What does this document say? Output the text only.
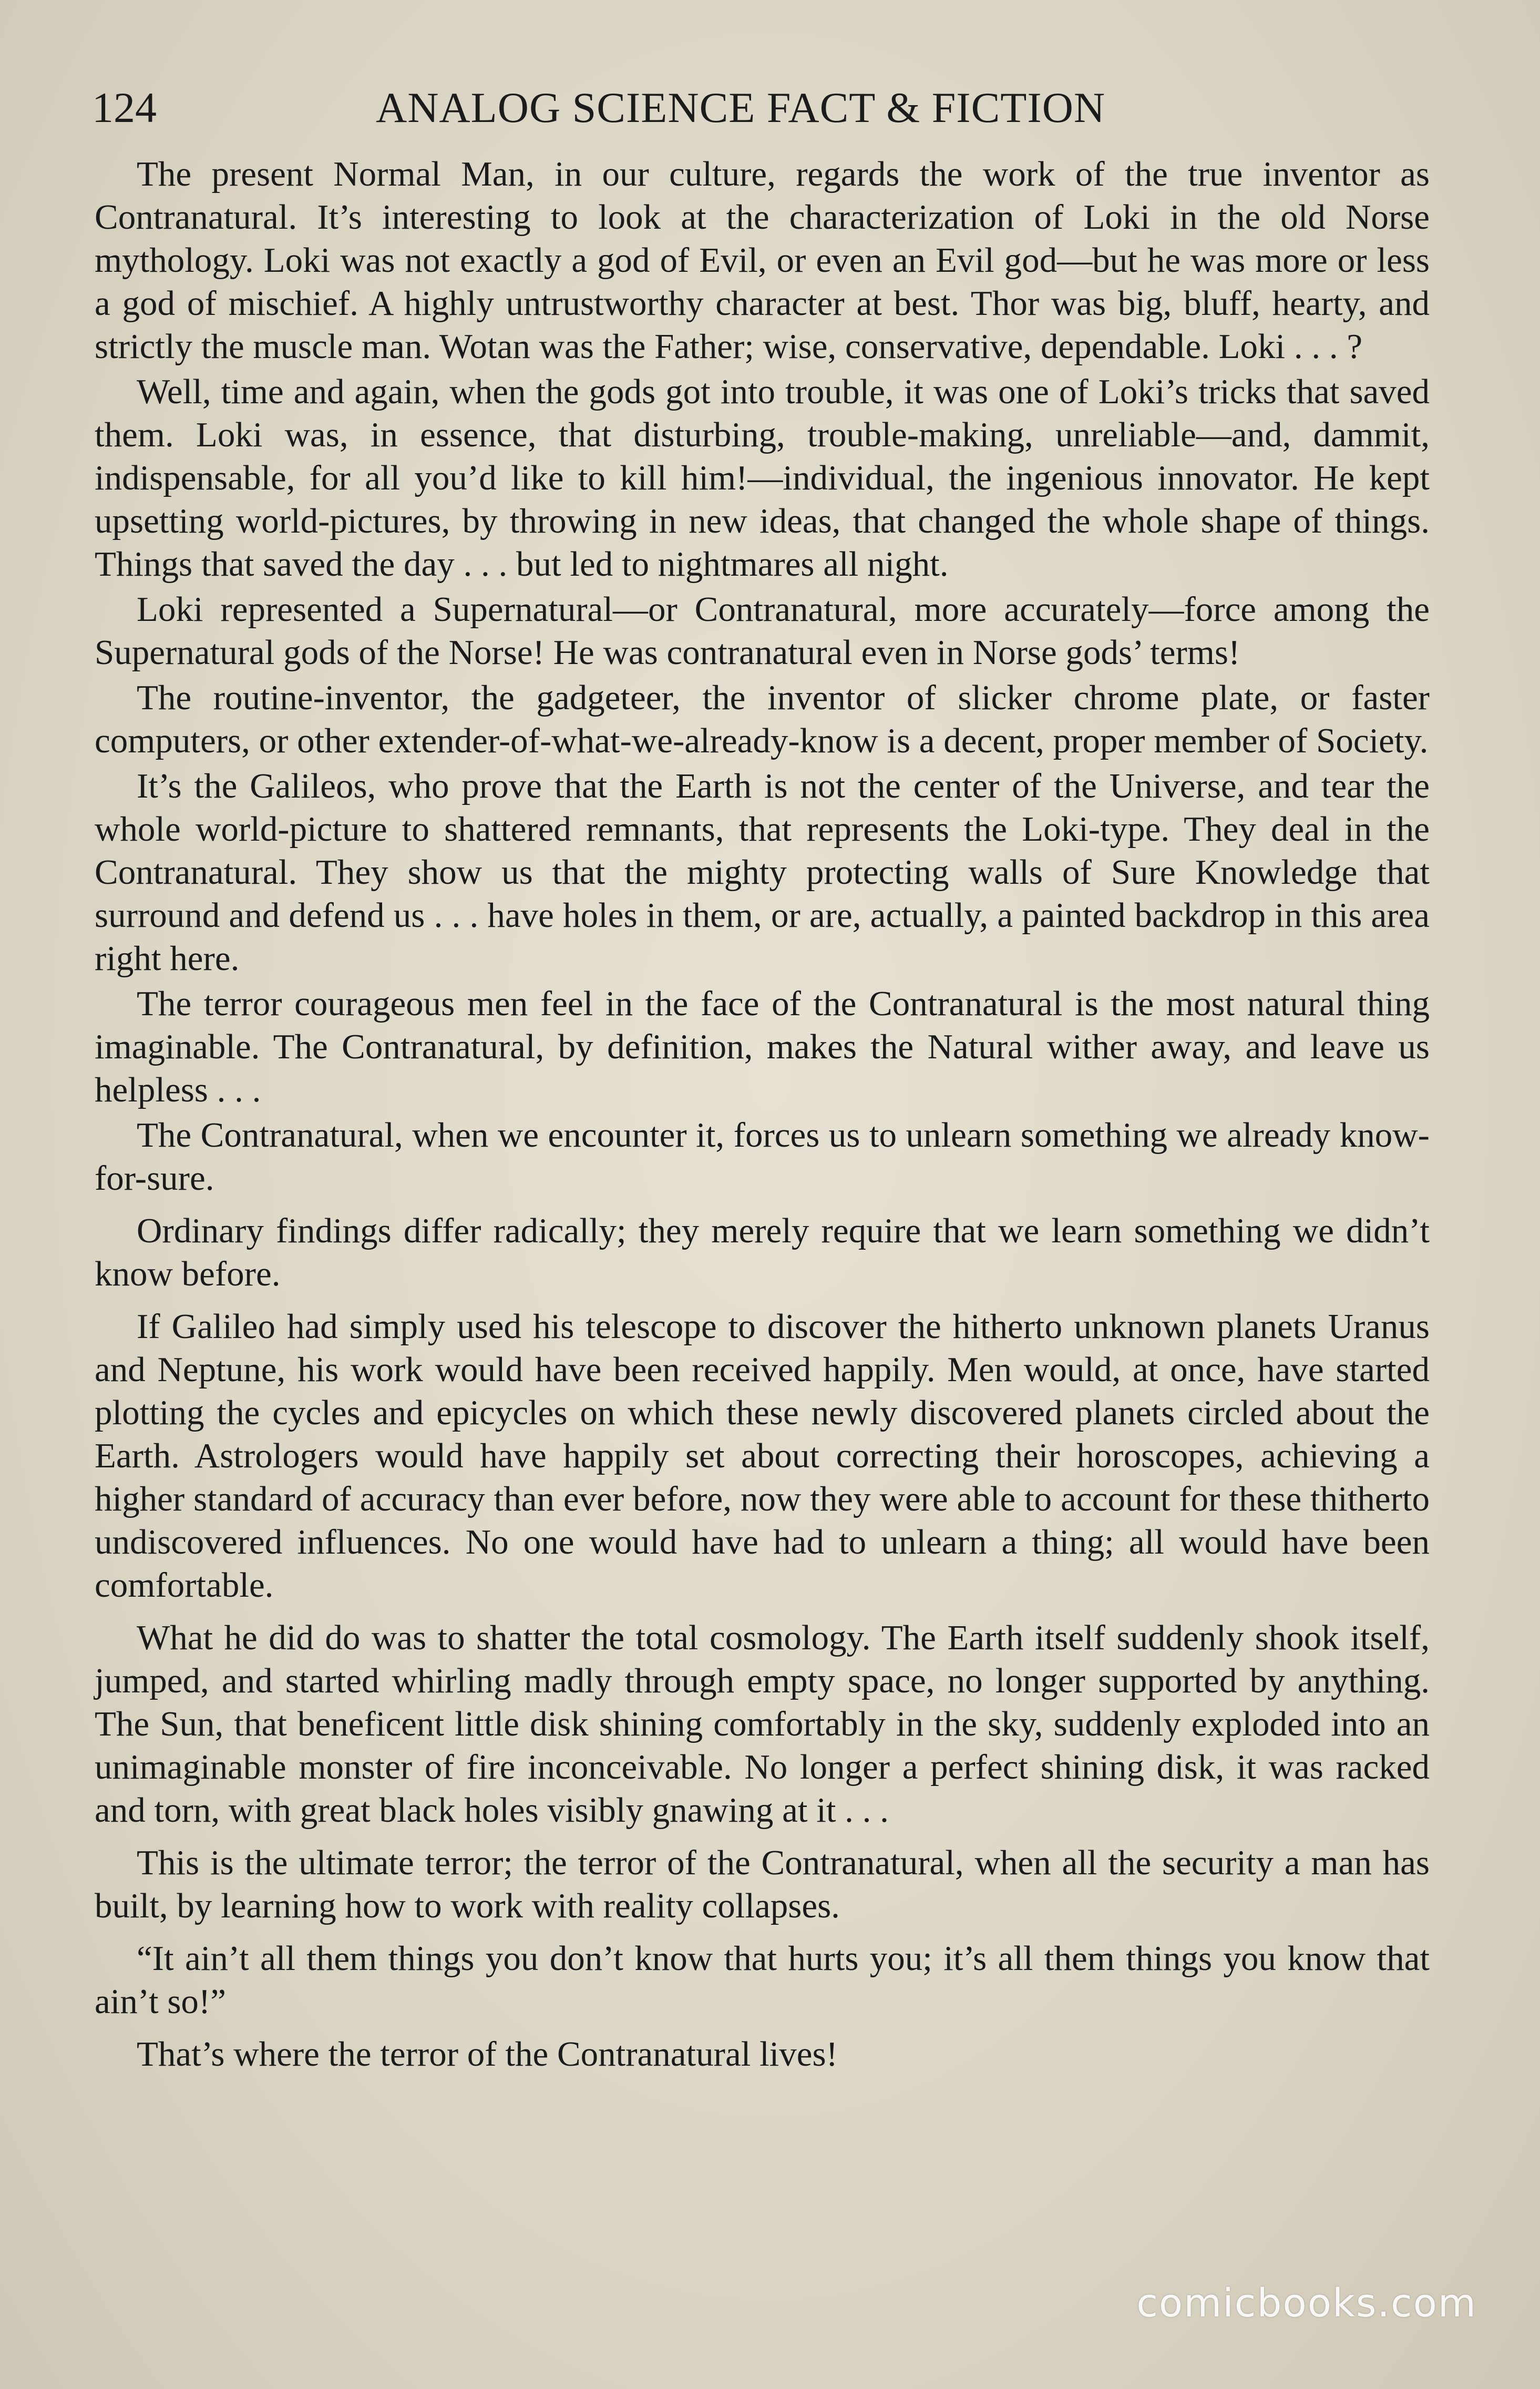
124	ANALOG SCIENCE FACT & FICTION

The present Normal Man, in our culture, regards the work of the true inventor as Contranatural. It’s interesting to look at the characterization of Loki in the old Norse mythology. Loki was not exactly a god of Evil, or even an Evil god—but he was more or less a god of mischief. A highly untrustworthy character at best. Thor was big, bluff, hearty, and strictly the muscle man. Wotan was the Father; wise, conservative, dependable. Loki . . . ?

Well, time and again, when the gods got into trouble, it was one of Loki’s tricks that saved them. Loki was, in essence, that disturbing, trouble-making, unreliable—and, dammit, indispensable, for all you’d like to kill him!—individual, the ingenious innovator. He kept upsetting world-pictures, by throwing in new ideas, that changed the whole shape of things. Things that saved the day . . . but led to nightmares all night.

Loki represented a Supernatural—or Contranatural, more accurately—force among the Supernatural gods of the Norse! He was contranatural even in Norse gods’ terms!

The routine-inventor, the gadgeteer, the inventor of slicker chrome plate, or faster computers, or other extender-of-what-we-already-know is a decent, proper member of Society.

It’s the Galileos, who prove that the Earth is not the center of the Universe, and tear the whole world-picture to shattered remnants, that represents the Loki-type. They deal in the Contranatural. They show us that the mighty protecting walls of Sure Knowledge that surround and defend us . . . have holes in them, or are, actually, a painted backdrop in this area right here.

The terror courageous men feel in the face of the Contranatural is the most natural thing imaginable. The Contranatural, by definition, makes the Natural wither away, and leave us helpless . . .

The Contranatural, when we encounter it, forces us to unlearn something we already know-for-sure.

Ordinary findings differ radically; they merely require that we learn something we didn’t know before.

If Galileo had simply used his telescope to discover the hitherto unknown planets Uranus and Neptune, his work would have been received happily. Men would, at once, have started plotting the cycles and epicycles on which these newly discovered planets circled about the Earth. Astrologers would have happily set about correcting their horoscopes, achieving a higher standard of accuracy than ever before, now they were able to account for these thitherto undiscovered influences. No one would have had to unlearn a thing; all would have been comfortable.

What he did do was to shatter the total cosmology. The Earth itself suddenly shook itself, jumped, and started whirling madly through empty space, no longer supported by anything. The Sun, that beneficent little disk shining comfortably in the sky, suddenly exploded into an unimaginable monster of fire inconceivable. No longer a perfect shining disk, it was racked and torn, with great black holes visibly gnawing at it . . .

This is the ultimate terror; the terror of the Contranatural, when all the security a man has built, by learning how to work with reality collapses.

“It ain’t all them things you don’t know that hurts you; it’s all them things you know that ain’t so!”

That’s where the terror of the Contranatural lives!

comicbooks.com
